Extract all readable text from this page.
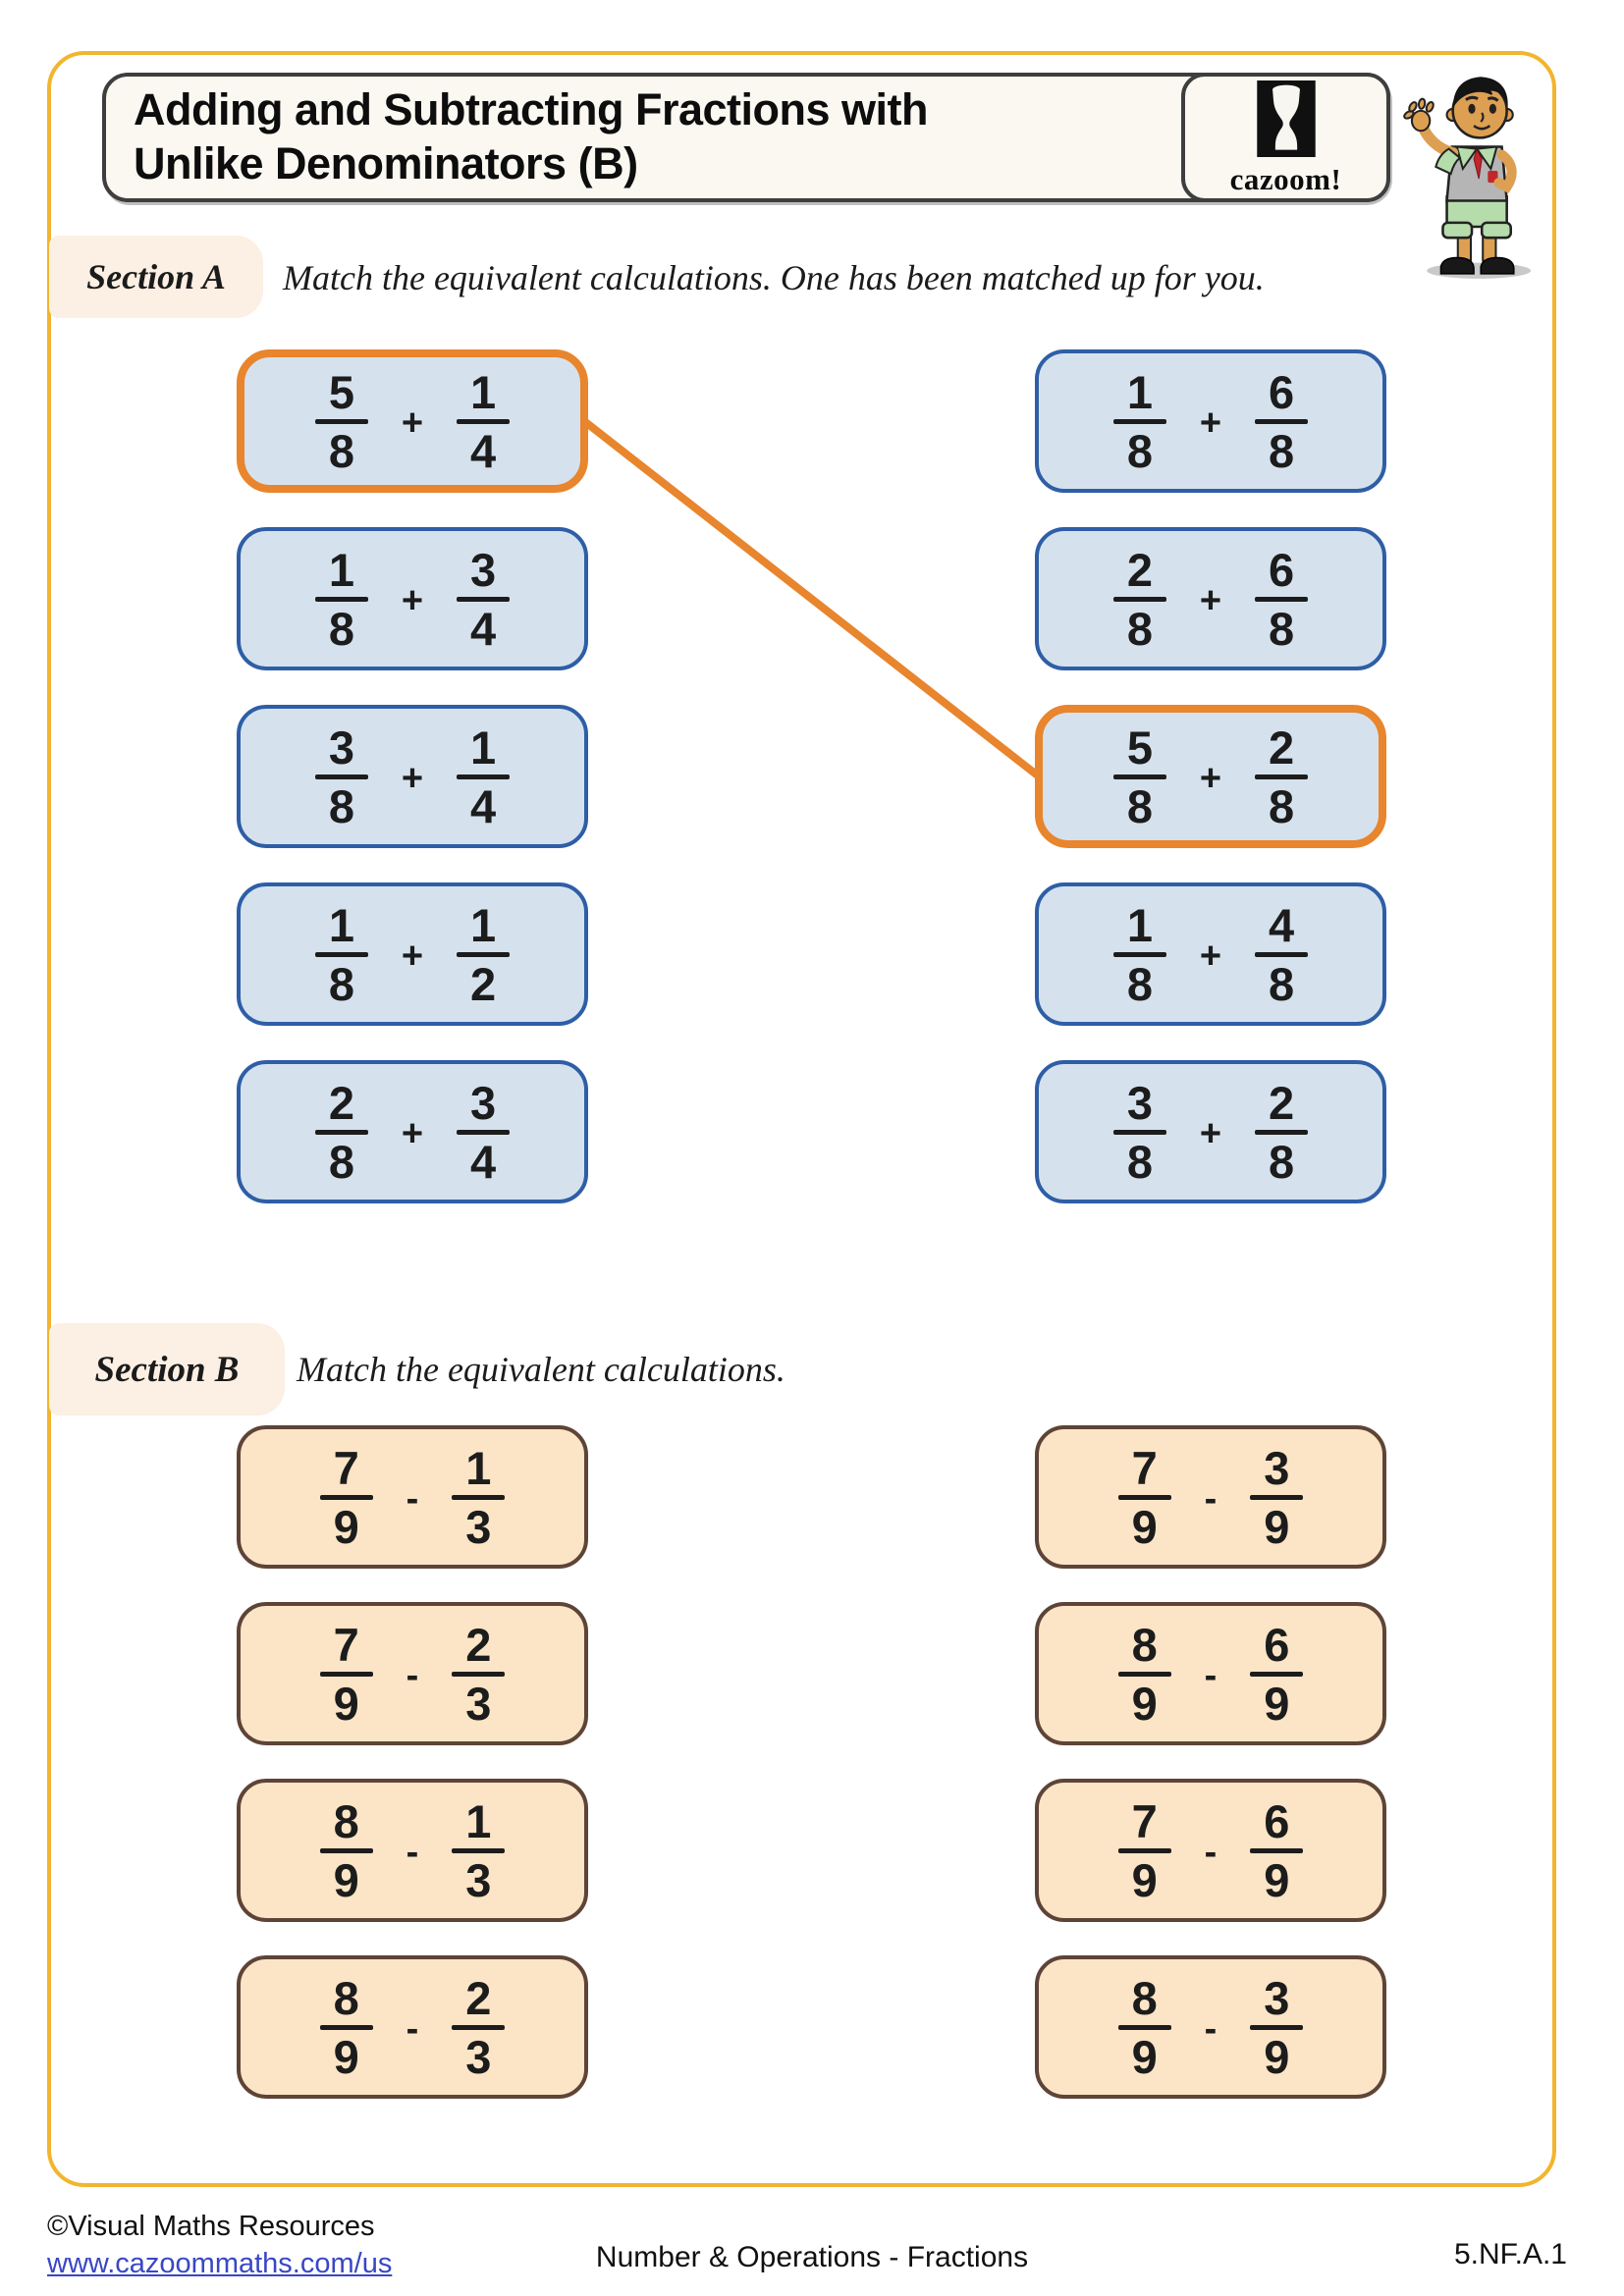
Adding and Subtracting Fractions with
Unlike Denominators (B)	cazoom!
Section A Match the equivalent calculations. One has been matched up for you.
5
8
+
1
4
1
8
+
3
4
3
8
+
1
4
1
8
+
1
2
2
8
+
3
4
1
8
+
6
8
2
8
+
6
8
5
8
+
2
8
1
8
+
4
8
3
8
+
2
8
Section B Match the equivalent calculations.
7
9
-
1
3
7
9
-
2
3
8
9
-
1
3
8
9
-
2
3
7
9
-
3
9
8
9
-
6
9
7
9
-
6
9
8
9
-
3
9
©Visual Maths Resources
www.cazoommaths.com/us	Number & Operations - Fractions	5.NF.A.1
